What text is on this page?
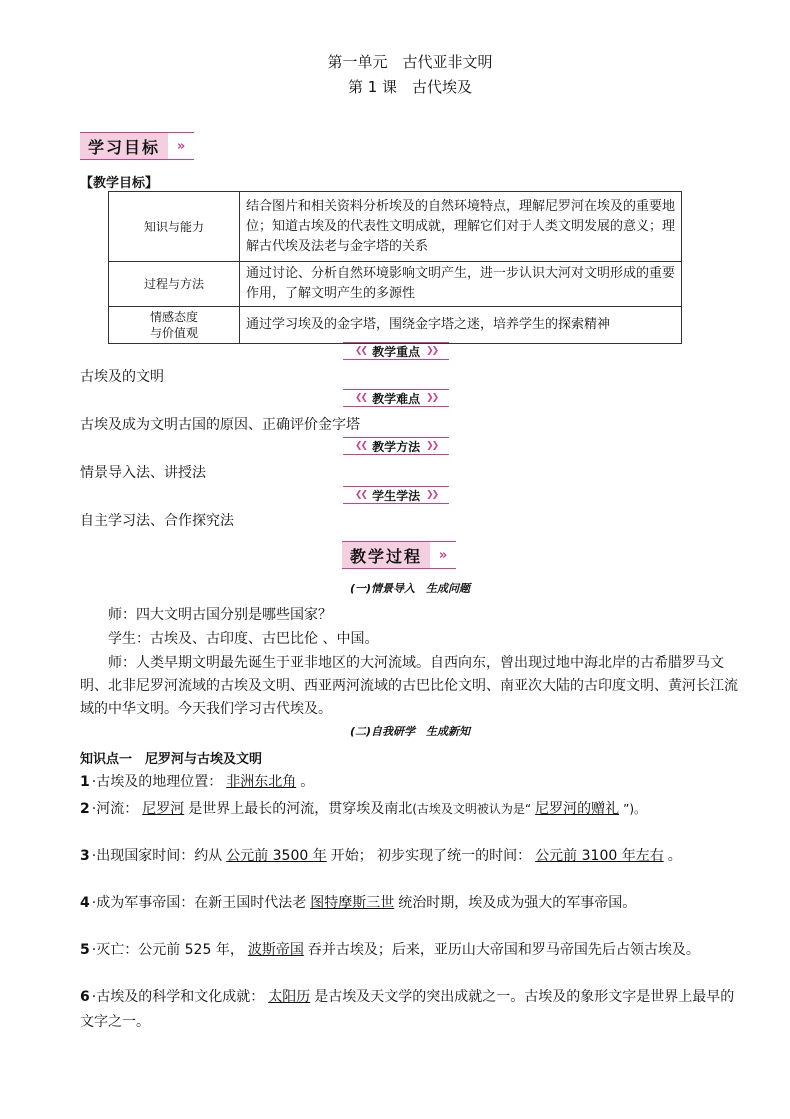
第一单元　古代亚非文明
第 1 课　古代埃及
学习目标	»
【教学目标】
知识与能力	结合图片和相关资料分析埃及的自然环境特点，理解尼罗河在埃及的重要地位；知道古埃及的代表性文明成就，理解它们对于人类文明发展的意义；理解古代埃及法老与金字塔的关系
过程与方法	通过讨论、分析自然环境影响文明产生，进一步认识大河对文明形成的重要作用，了解文明产生的多源性

情感态度
与价值观	通过学习埃及的金字塔，围绕金字塔之迷，培养学生的探索精神
❮❮ 教学重点 ❯❯
古埃及的文明
❮❮ 教学难点 ❯❯
古埃及成为文明古国的原因、正确评价金字塔
❮❮ 教学方法 ❯❯
情景导入法、讲授法
❮❮ 学生学法 ❯❯
自主学习法、合作探究法
教学过程	»
(一)情景导入　生成问题
师：四大文明古国分别是哪些国家？
学生：古埃及、古印度、古巴比伦 、中国。
师：人类早期文明最先诞生于亚非地区的大河流域。自西向东，曾出现过地中海北岸的古希腊罗马文明、北非尼罗河流域的古埃及文明、西亚两河流域的古巴比伦文明、南亚次大陆的古印度文明、黄河长江流域的中华文明。今天我们学习古代埃及。
(二)自我研学　生成新知
知识点一　尼罗河与古埃及文明
1 ·古埃及的地理位置： 非洲东北角 。
2 ·河流： 尼罗河 是世界上最长的河流，贯穿埃及南北(古埃及文明被认为是“ 尼罗河的赠礼 ”)。
3 ·出现国家时间：约从 公元前 3500 年 开始； 初步实现了统一的时间： 公元前 3100 年左右 。
4 ·成为军事帝国：在新王国时代法老 图特摩斯三世 统治时期，埃及成为强大的军事帝国。
5 ·灭亡：公元前 525 年， 波斯帝国 吞并古埃及；后来，亚历山大帝国和罗马帝国先后占领古埃及。
6 ·古埃及的科学和文化成就： 太阳历 是古埃及天文学的突出成就之一。古埃及的象形文字是世界上最早的文字之一。
